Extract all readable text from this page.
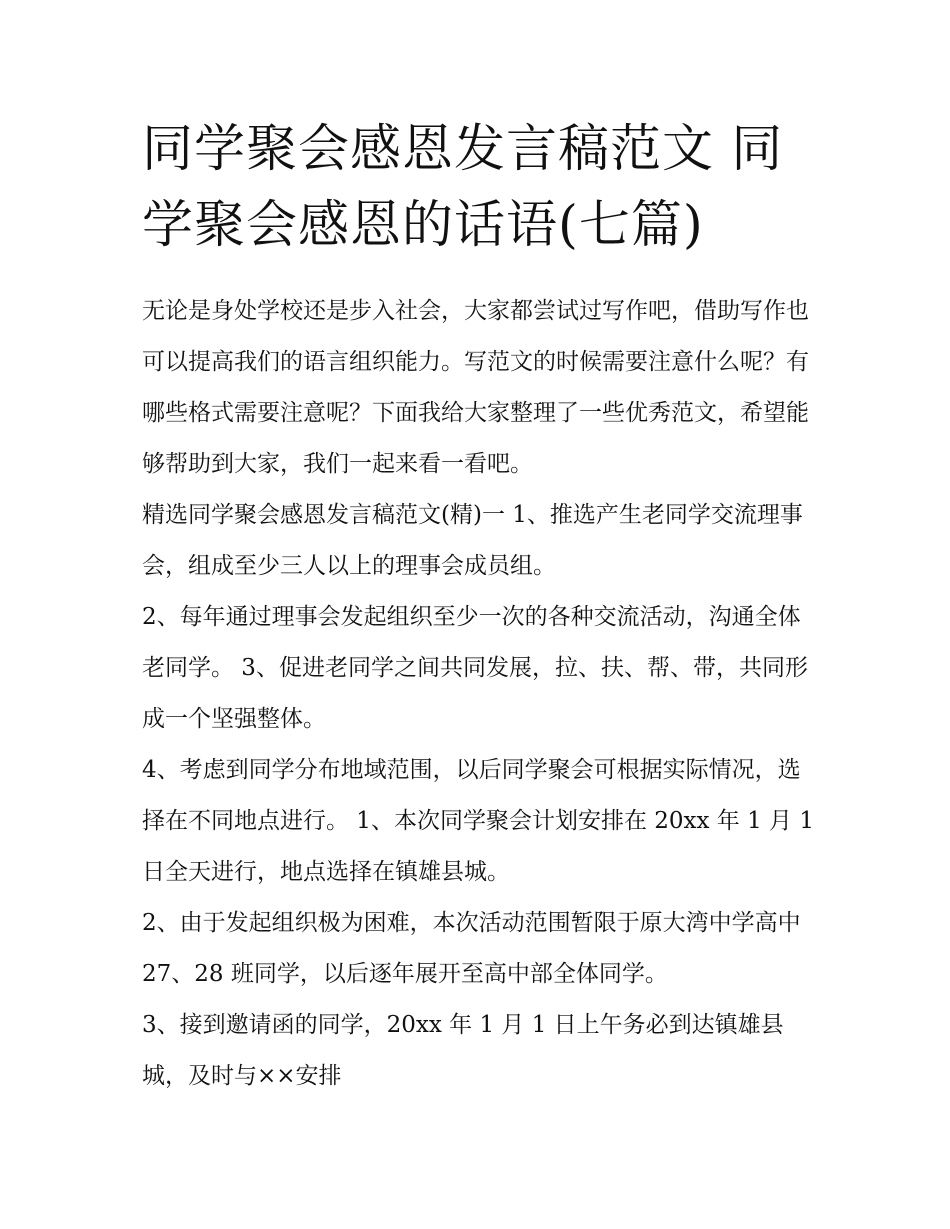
同学聚会感恩发言稿范文 同学聚会感恩的话语(七篇)

无论是身处学校还是步入社会，大家都尝试过写作吧，借助写作也可以提高我们的语言组织能力。写范文的时候需要注意什么呢？有哪些格式需要注意呢？下面我给大家整理了一些优秀范文，希望能够帮助到大家，我们一起来看一看吧。

精选同学聚会感恩发言稿范文(精)一 1、推选产生老同学交流理事会，组成至少三人以上的理事会成员组。

2、每年通过理事会发起组织至少一次的各种交流活动，沟通全体老同学。 3、促进老同学之间共同发展，拉、扶、帮、带，共同形成一个坚强整体。

4、考虑到同学分布地域范围，以后同学聚会可根据实际情况，选择在不同地点进行。 1、本次同学聚会计划安排在 20xx 年 1 月 1 日全天进行，地点选择在镇雄县城。

2、由于发起组织极为困难，本次活动范围暂限于原大湾中学高中 27、28 班同学，以后逐年展开至高中部全体同学。

3、接到邀请函的同学，20xx 年 1 月 1 日上午务必到达镇雄县城，及时与××安排
